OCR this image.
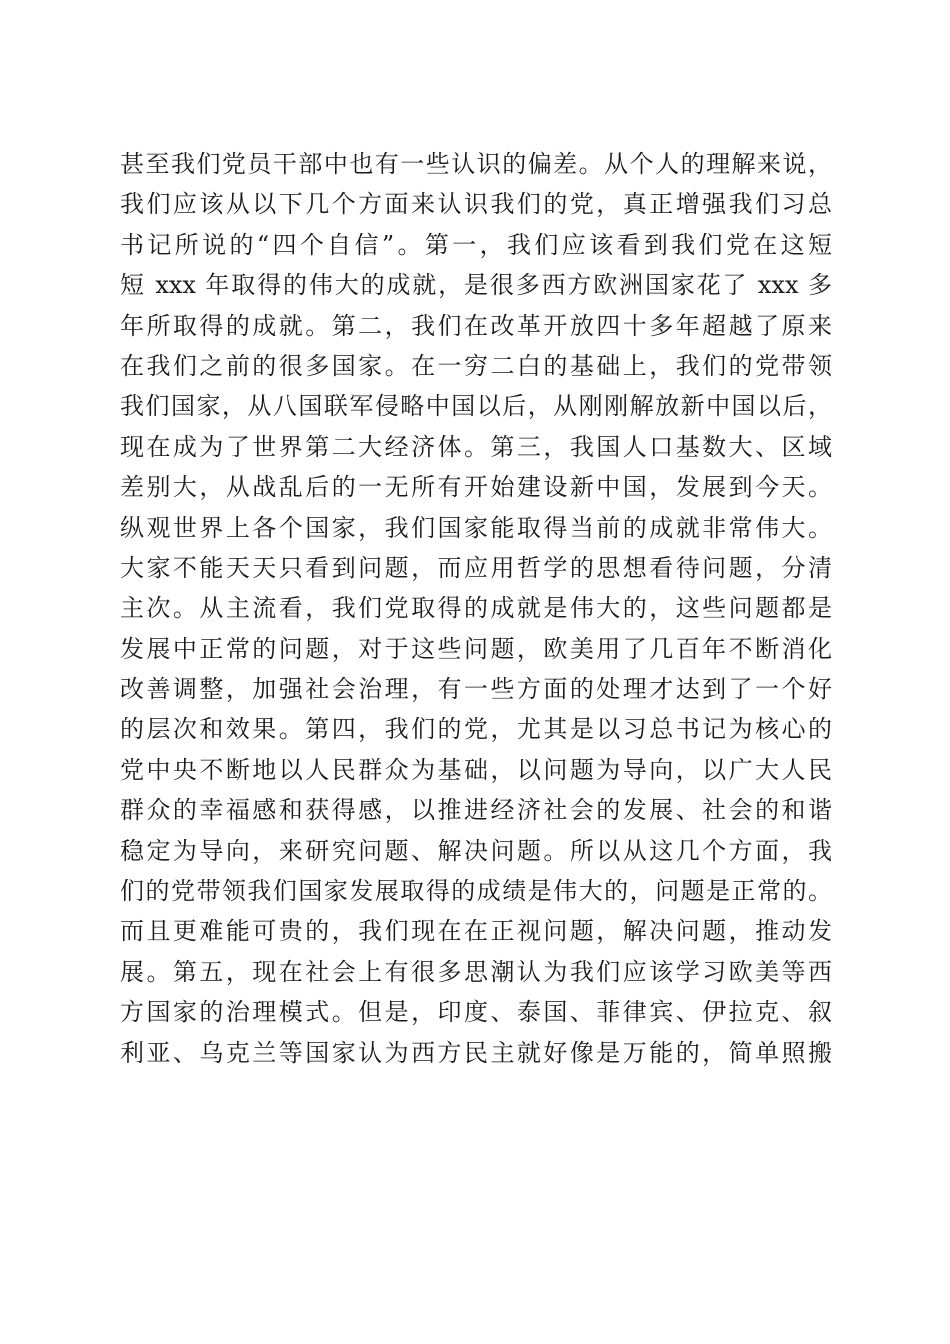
甚至我们党员干部中也有一些认识的偏差。从个人的理解来说，
我们应该从以下几个方面来认识我们的党，真正增强我们习总
书记所说的“四个自信”。第一，我们应该看到我们党在这短
短 xxx 年取得的伟大的成就，是很多西方欧洲国家花了 xxx 多
年所取得的成就。第二，我们在改革开放四十多年超越了原来
在我们之前的很多国家。在一穷二白的基础上，我们的党带领
我们国家，从八国联军侵略中国以后，从刚刚解放新中国以后，
现在成为了世界第二大经济体。第三，我国人口基数大、区域
差别大，从战乱后的一无所有开始建设新中国，发展到今天。
纵观世界上各个国家，我们国家能取得当前的成就非常伟大。
大家不能天天只看到问题，而应用哲学的思想看待问题，分清
主次。从主流看，我们党取得的成就是伟大的，这些问题都是
发展中正常的问题，对于这些问题，欧美用了几百年不断消化
改善调整，加强社会治理，有一些方面的处理才达到了一个好
的层次和效果。第四，我们的党，尤其是以习总书记为核心的
党中央不断地以人民群众为基础，以问题为导向，以广大人民
群众的幸福感和获得感，以推进经济社会的发展、社会的和谐
稳定为导向，来研究问题、解决问题。所以从这几个方面，我
们的党带领我们国家发展取得的成绩是伟大的，问题是正常的。
而且更难能可贵的，我们现在在正视问题，解决问题，推动发
展。第五，现在社会上有很多思潮认为我们应该学习欧美等西
方国家的治理模式。但是，印度、泰国、菲律宾、伊拉克、叙
利亚、乌克兰等国家认为西方民主就好像是万能的，简单照搬
